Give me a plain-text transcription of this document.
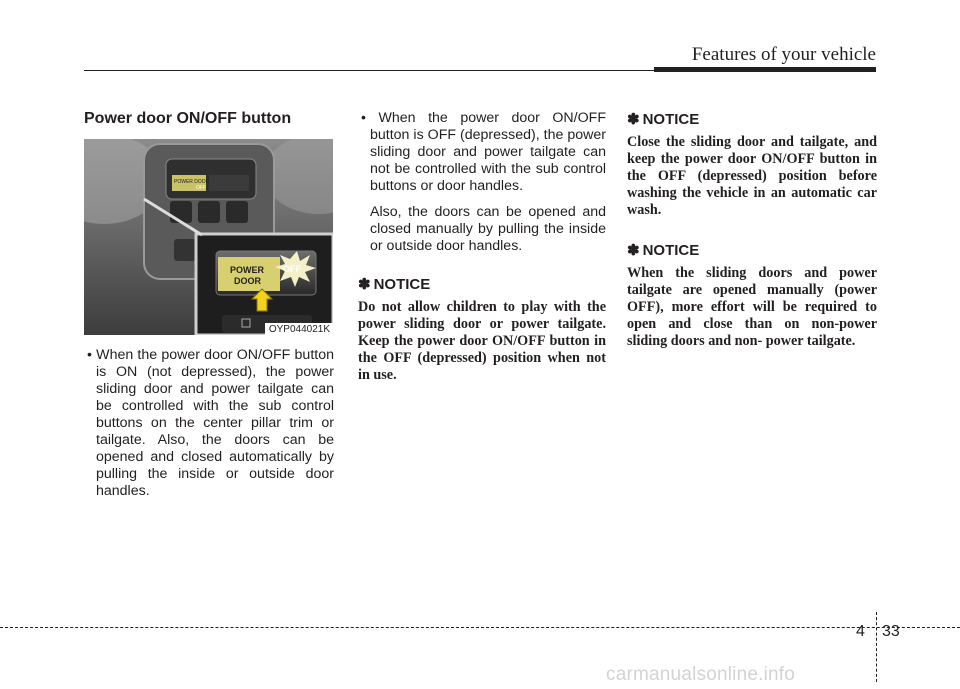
Features of your vehicle
Power door ON/OFF button
POWER DOOR
OFF
POWER
DOOR
OFF
OYP044021K

• When the power door ON/OFF button is ON (not depressed), the power sliding door and power tailgate can be controlled with the sub control buttons on the center pillar trim or tailgate. Also, the doors can be opened and closed automatically by pulling the inside or outside door handles.

• When the power door ON/OFF button is OFF (depressed), the power sliding door and power tailgate can not be controlled with the sub control buttons or door handles.

Also, the doors can be opened and closed manually by pulling the inside or outside door handles.

✽ NOTICE

Do not allow children to play with the power sliding door or power tailgate. Keep the power door ON/OFF button in the OFF (depressed) position when not in use.

✽ NOTICE

Close the sliding door and tailgate, and keep the power door ON/OFF button in the OFF (depressed) position before washing the vehicle in an automatic car wash.

✽ NOTICE

When the sliding doors and power tailgate are opened manually (power OFF), more effort will be required to open and close than on non-power sliding doors and non- power tailgate.

4 33
carmanualsonline.info
